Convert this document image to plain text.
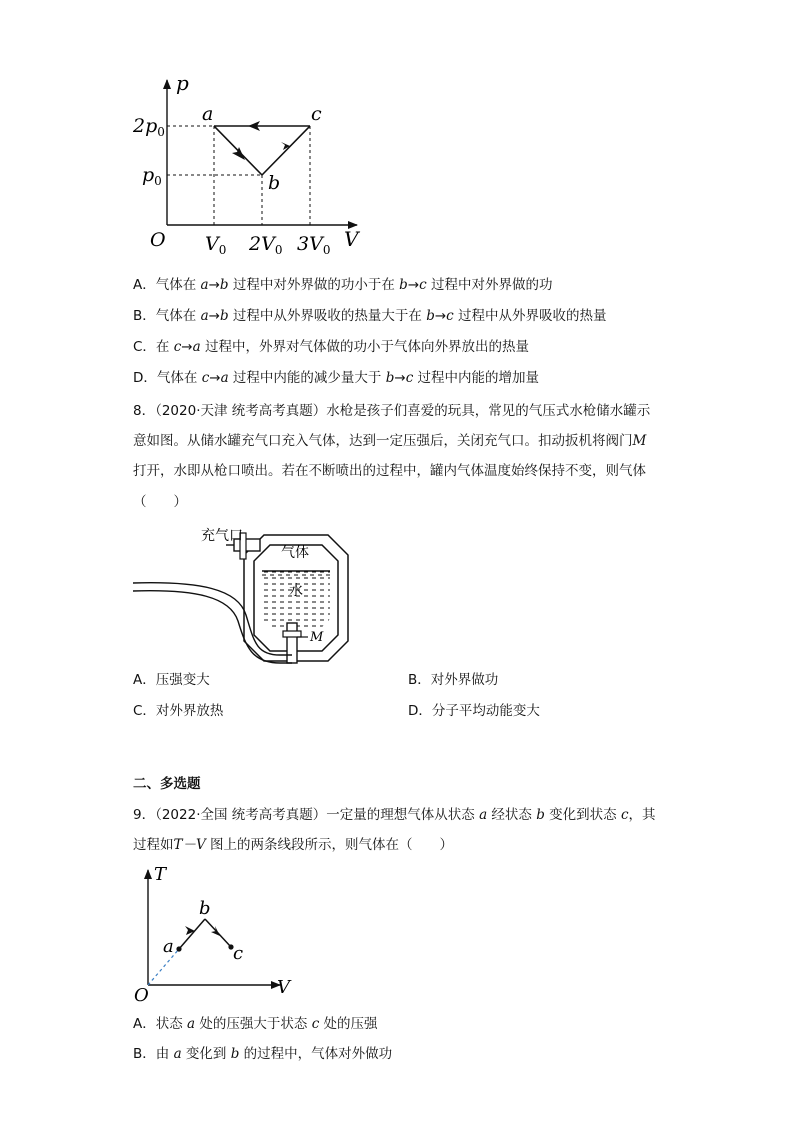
p
V
O
$2p_0$
$p_0$
$V_0$ $2V_0$ $3V_0$
a
b
c
A．气体在 a→b 过程中对外界做的功小于在 b→c 过程中对外界做的功
B．气体在 a→b 过程中从外界吸收的热量大于在 b→c 过程中从外界吸收的热量
C．在 c→a 过程中，外界对气体做的功小于气体向外界放出的热量
D．气体在 c→a 过程中内能的减少量大于 b→c 过程中内能的增加量
8．（2020·天津 统考高考真题）水枪是孩子们喜爱的玩具，常见的气压式水枪储水罐示
意如图。从储水罐充气口充入气体，达到一定压强后，关闭充气口。扣动扳机将阀门M
打开，水即从枪口喷出。若在不断喷出的过程中，罐内气体温度始终保持不变，则气体
（　　）
充气口
气体
水
M
A．压强变大	B．对外界做功
C．对外界放热	D．分子平均动能变大
二、多选题
9．（2022·全国 统考高考真题）一定量的理想气体从状态 a 经状态 b 变化到状态 c，其
过程如T－V 图上的两条线段所示，则气体在（　　）
T
V
O
a
b
c
A．状态 a 处的压强大于状态 c 处的压强
B．由 a 变化到 b 的过程中，气体对外做功
